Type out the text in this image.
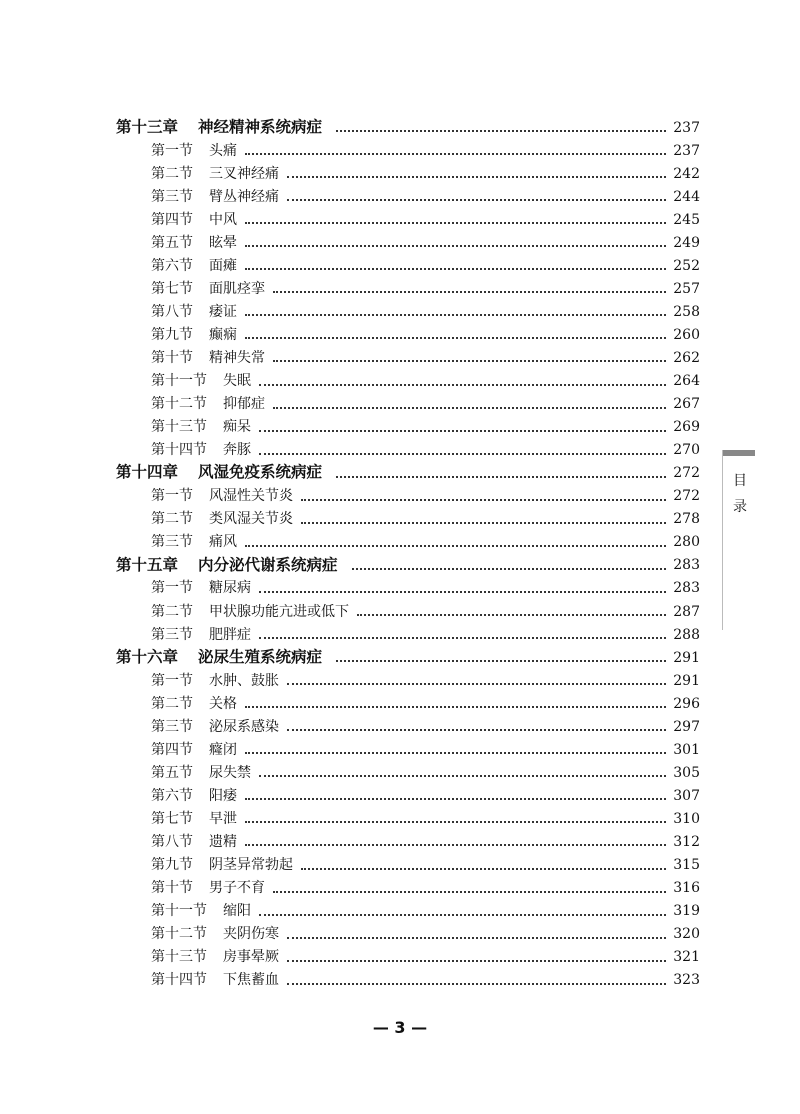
第十三章 神经精神系统病症	237
第一节 头痛	237
第二节 三叉神经痛	242
第三节 臂丛神经痛	244
第四节 中风	245
第五节 眩晕	249
第六节 面瘫	252
第七节 面肌痉挛	257
第八节 痿证	258
第九节 癫痫	260
第十节 精神失常	262
第十一节 失眠	264
第十二节 抑郁症	267
第十三节 痴呆	269
第十四节 奔豚	270
第十四章 风湿免疫系统病症	272
第一节 风湿性关节炎	272
第二节 类风湿关节炎	278
第三节 痛风	280
第十五章 内分泌代谢系统病症	283
第一节 糖尿病	283
第二节 甲状腺功能亢进或低下	287
第三节 肥胖症	288
第十六章 泌尿生殖系统病症	291
第一节 水肿、鼓胀	291
第二节 关格	296
第三节 泌尿系感染	297
第四节 癃闭	301
第五节 尿失禁	305
第六节 阳痿	307
第七节 早泄	310
第八节 遗精	312
第九节 阴茎异常勃起	315
第十节 男子不育	316
第十一节 缩阳	319
第十二节 夹阴伤寒	320
第十三节 房事晕厥	321
第十四节 下焦蓄血	323
目录
— 3 —
